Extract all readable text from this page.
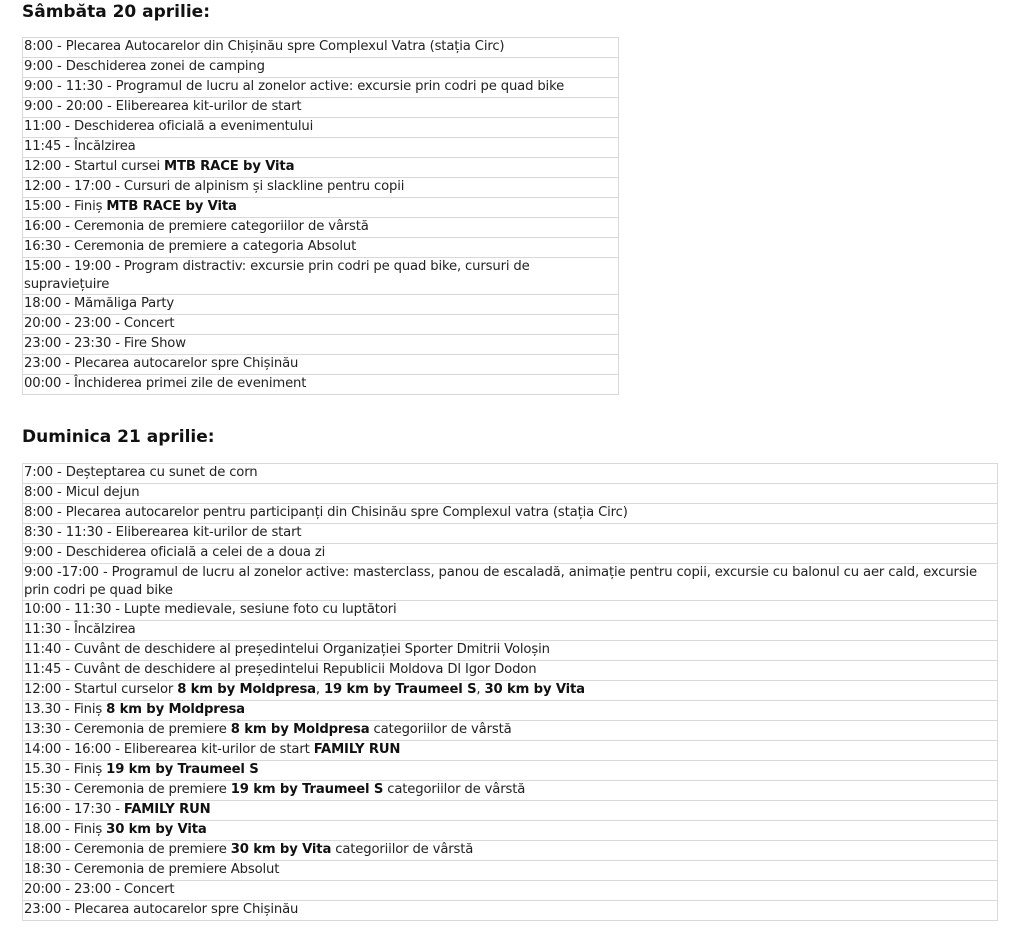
Sâmbăta 20 aprilie:
8:00 - Plecarea Autocarelor din Chișinău spre Complexul Vatra (stația Circ)
9:00 - Deschiderea zonei de camping
9:00 - 11:30 - Programul de lucru al zonelor active: excursie prin codri pe quad bike
9:00 - 20:00 - Eliberearea kit-urilor de start
11:00 - Deschiderea oficială a evenimentului
11:45 - Încălzirea
12:00 - Startul cursei MTB RACE by Vita
12:00 - 17:00 - Cursuri de alpinism și slackline pentru copii
15:00 - Finiș MTB RACE by Vita
16:00 - Ceremonia de premiere categoriilor de vârstă
16:30 - Ceremonia de premiere a categoria Absolut
15:00 - 19:00 - Program distractiv: excursie prin codri pe quad bike, cursuri de supraviețuire
18:00 - Mămăliga Party
20:00 - 23:00 - Concert
23:00 - 23:30 - Fire Show
23:00 - Plecarea autocarelor spre Chișinău
00:00 - Închiderea primei zile de eveniment
Duminica 21 aprilie:
7:00 - Deșteptarea cu sunet de corn
8:00 - Micul dejun
8:00 - Plecarea autocarelor pentru participanți din Chisinău spre Complexul vatra (stația Circ)
8:30 - 11:30 - Eliberearea kit-urilor de start
9:00 - Deschiderea oficială a celei de a doua zi
9:00 -17:00 - Programul de lucru al zonelor active: masterclass, panou de escaladă, animație pentru copii, excursie cu balonul cu aer cald, excursie prin codri pe quad bike
10:00 - 11:30 - Lupte medievale, sesiune foto cu luptători
11:30 - Încălzirea
11:40 - Cuvânt de deschidere al președintelui Organizației Sporter Dmitrii Voloșin
11:45 - Cuvânt de deschidere al președintelui Republicii Moldova Dl Igor Dodon
12:00 - Startul curselor 8 km by Moldpresa, 19 km by Traumeel S, 30 km by Vita
13.30 - Finiș 8 km by Moldpresa
13:30 - Ceremonia de premiere 8 km by Moldpresa categoriilor de vârstă
14:00 - 16:00 - Eliberearea kit-urilor de start FAMILY RUN
15.30 - Finiș 19 km by Traumeel S
15:30 - Ceremonia de premiere 19 km by Traumeel S categoriilor de vârstă
16:00 - 17:30 - FAMILY RUN
18.00 - Finiș 30 km by Vita
18:00 - Ceremonia de premiere 30 km by Vita categoriilor de vârstă
18:30 - Ceremonia de premiere Absolut
20:00 - 23:00 - Concert
23:00 - Plecarea autocarelor spre Chișinău
